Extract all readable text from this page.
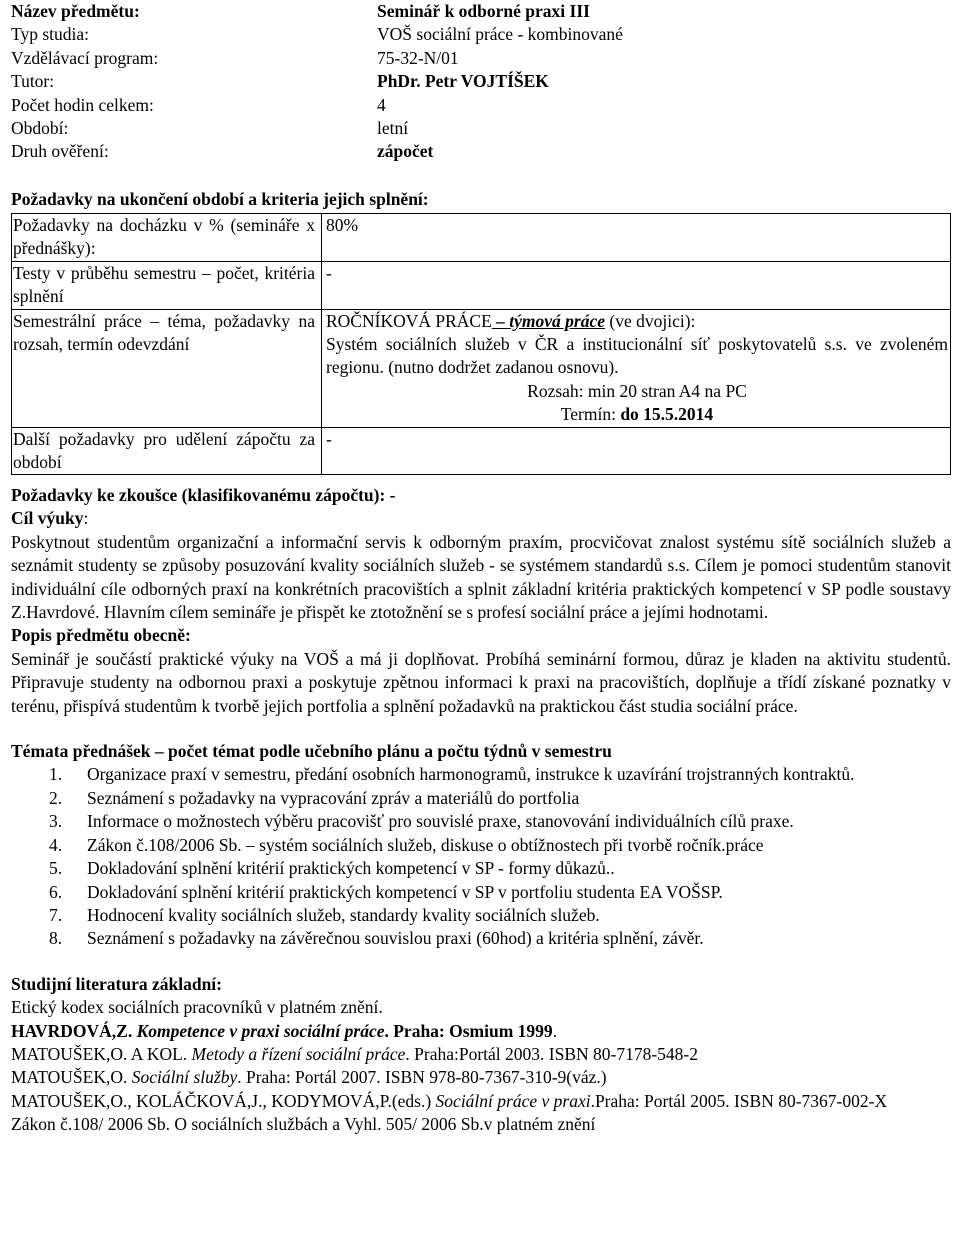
Název předmětu:	Seminář k odborné praxi III
Typ studia:	VOŠ sociální práce - kombinované
Vzdělávací program:	75-32-N/01
Tutor:	PhDr. Petr VOJTÍŠEK
Počet hodin celkem:	4
Období:	letní
Druh ověření:	zápočet
Požadavky na ukončení období a kriteria jejich splnění:
Požadavky na docházku v % (semináře x přednášky):	80%
Testy v průběhu semestru – počet, kritéria splnění	-
Semestrální práce – téma, požadavky na rozsah, termín odevzdání	ROČNÍKOVÁ PRÁCE – týmová práce (ve dvojici):
Systém sociálních služeb v ČR a institucionální síť poskytovatelů s.s. ve zvoleném regionu. (nutno dodržet zadanou osnovu).
Rozsah: min 20 stran A4 na PC
Termín: do 15.5.2014

Další požadavky pro udělení zápočtu za období	-

Požadavky ke zkoušce (klasifikovanému zápočtu): -

Cíl výuky:

Poskytnout studentům organizační a informační servis k odborným praxím, procvičovat znalost systému sítě sociálních služeb a seznámit studenty se způsoby posuzování kvality sociálních služeb - se systémem standardů s.s. Cílem je pomoci studentům stanovit individuální cíle odborných praxí na konkrétních pracovištích a splnit základní kritéria praktických kompetencí v SP podle soustavy Z.Havrdové. Hlavním cílem semináře je přispět ke ztotožnění se s profesí sociální práce a jejími hodnotami.

Popis předmětu obecně:

Seminář je součástí praktické výuky na VOŠ a má ji doplňovat. Probíhá seminární formou, důraz je kladen na aktivitu studentů. Připravuje studenty na odbornou praxi a poskytuje zpětnou informaci k praxi na pracovištích, doplňuje a třídí získané poznatky v terénu, přispívá studentům k tvorbě jejich portfolia a splnění požadavků na praktickou část studia sociální práce.

Témata přednášek – počet témat podle učebního plánu a počtu týdnů v semestru

1. Organizace praxí v semestru, předání osobních harmonogramů, instrukce k uzavírání trojstranných kontraktů.
2. Seznámení s požadavky na vypracování zpráv a materiálů do portfolia
3. Informace o možnostech výběru pracovišť pro souvislé praxe, stanovování individuálních cílů praxe.
4. Zákon č.108/2006 Sb. – systém sociálních služeb, diskuse o obtížnostech při tvorbě ročník.práce
5. Dokladování splnění kritérií praktických kompetencí v SP - formy důkazů..
6. Dokladování splnění kritérií praktických kompetencí v SP v portfoliu studenta EA VOŠSP.
7. Hodnocení kvality sociálních služeb, standardy kvality sociálních služeb.
8. Seznámení s požadavky na závěrečnou souvislou praxi (60hod) a kritéria splnění, závěr.

Studijní literatura základní:

Etický kodex sociálních pracovníků v platném znění.

HAVRDOVÁ,Z. Kompetence v praxi sociální práce. Praha: Osmium 1999.

MATOUŠEK,O. A KOL. Metody a řízení sociální práce. Praha:Portál 2003. ISBN 80-7178-548-2

MATOUŠEK,O. Sociální služby. Praha: Portál 2007. ISBN 978-80-7367-310-9(váz.)

MATOUŠEK,O., KOLÁČKOVÁ,J., KODYMOVÁ,P.(eds.) Sociální práce v praxi.Praha: Portál 2005. ISBN 80-7367-002-X

Zákon č.108/ 2006 Sb. O sociálních službách a Vyhl. 505/ 2006 Sb.v platném znění
